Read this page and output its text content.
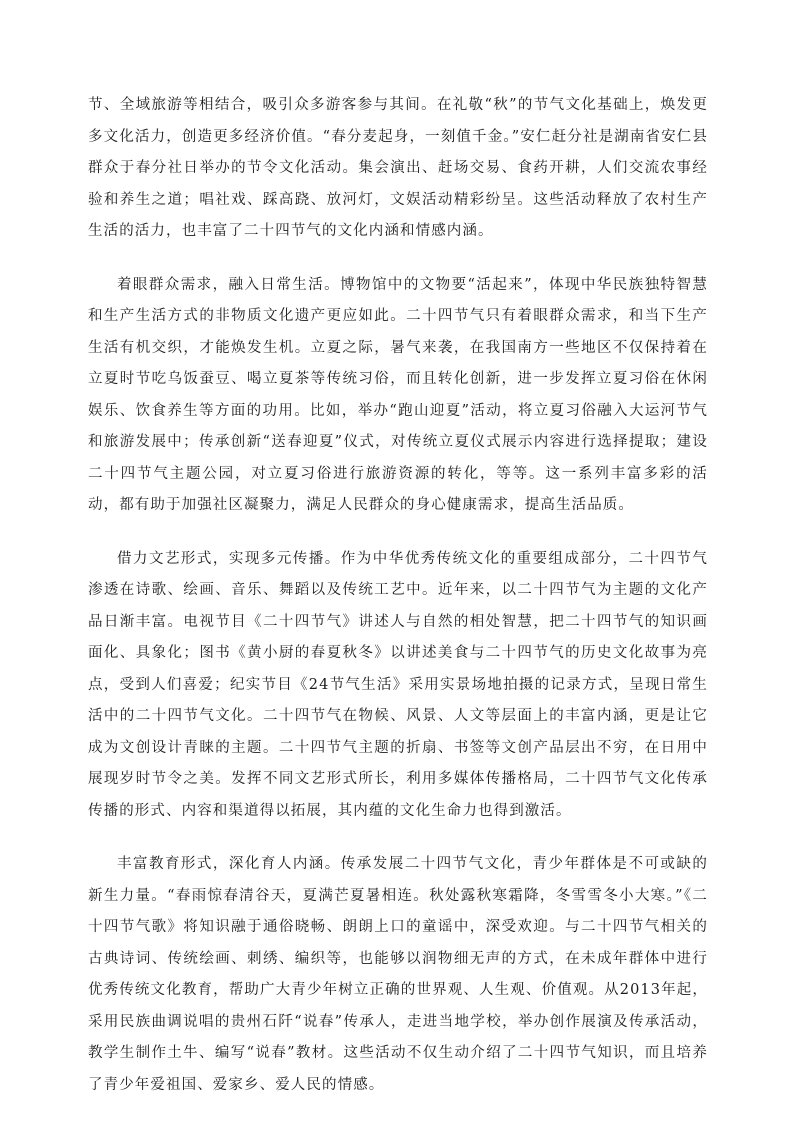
节、全域旅游等相结合，吸引众多游客参与其间。在礼敬“秋”的节气文化基础上，焕发更多文化活力，创造更多经济价值。“春分麦起身，一刻值千金。”安仁赶分社是湖南省安仁县群众于春分社日举办的节令文化活动。集会演出、赶场交易、食药开耕，人们交流农事经验和养生之道；唱社戏、踩高跷、放河灯，文娱活动精彩纷呈。这些活动释放了农村生产生活的活力，也丰富了二十四节气的文化内涵和情感内涵。

着眼群众需求，融入日常生活。博物馆中的文物要“活起来”，体现中华民族独特智慧和生产生活方式的非物质文化遗产更应如此。二十四节气只有着眼群众需求，和当下生产生活有机交织，才能焕发生机。立夏之际，暑气来袭，在我国南方一些地区不仅保持着在立夏时节吃乌饭蚕豆、喝立夏茶等传统习俗，而且转化创新，进一步发挥立夏习俗在休闲娱乐、饮食养生等方面的功用。比如，举办“跑山迎夏”活动，将立夏习俗融入大运河节气和旅游发展中；传承创新“送春迎夏”仪式，对传统立夏仪式展示内容进行选择提取；建设二十四节气主题公园，对立夏习俗进行旅游资源的转化，等等。这一系列丰富多彩的活动，都有助于加强社区凝聚力，满足人民群众的身心健康需求，提高生活品质。

借力文艺形式，实现多元传播。作为中华优秀传统文化的重要组成部分，二十四节气渗透在诗歌、绘画、音乐、舞蹈以及传统工艺中。近年来，以二十四节气为主题的文化产品日渐丰富。电视节目《二十四节气》讲述人与自然的相处智慧，把二十四节气的知识画面化、具象化；图书《黄小厨的春夏秋冬》以讲述美食与二十四节气的历史文化故事为亮点，受到人们喜爱；纪实节目《24节气生活》采用实景场地拍摄的记录方式，呈现日常生活中的二十四节气文化。二十四节气在物候、风景、人文等层面上的丰富内涵，更是让它成为文创设计青睐的主题。二十四节气主题的折扇、书签等文创产品层出不穷，在日用中展现岁时节令之美。发挥不同文艺形式所长，利用多媒体传播格局，二十四节气文化传承传播的形式、内容和渠道得以拓展，其内蕴的文化生命力也得到激活。

丰富教育形式，深化育人内涵。传承发展二十四节气文化，青少年群体是不可或缺的新生力量。“春雨惊春清谷天，夏满芒夏暑相连。秋处露秋寒霜降，冬雪雪冬小大寒。”《二十四节气歌》将知识融于通俗晓畅、朗朗上口的童谣中，深受欢迎。与二十四节气相关的古典诗词、传统绘画、刺绣、编织等，也能够以润物细无声的方式，在未成年群体中进行优秀传统文化教育，帮助广大青少年树立正确的世界观、人生观、价值观。从2013年起，采用民族曲调说唱的贵州石阡“说春”传承人，走进当地学校，举办创作展演及传承活动，教学生制作土牛、编写“说春”教材。这些活动不仅生动介绍了二十四节气知识，而且培养了青少年爱祖国、爱家乡、爱人民的情感。
